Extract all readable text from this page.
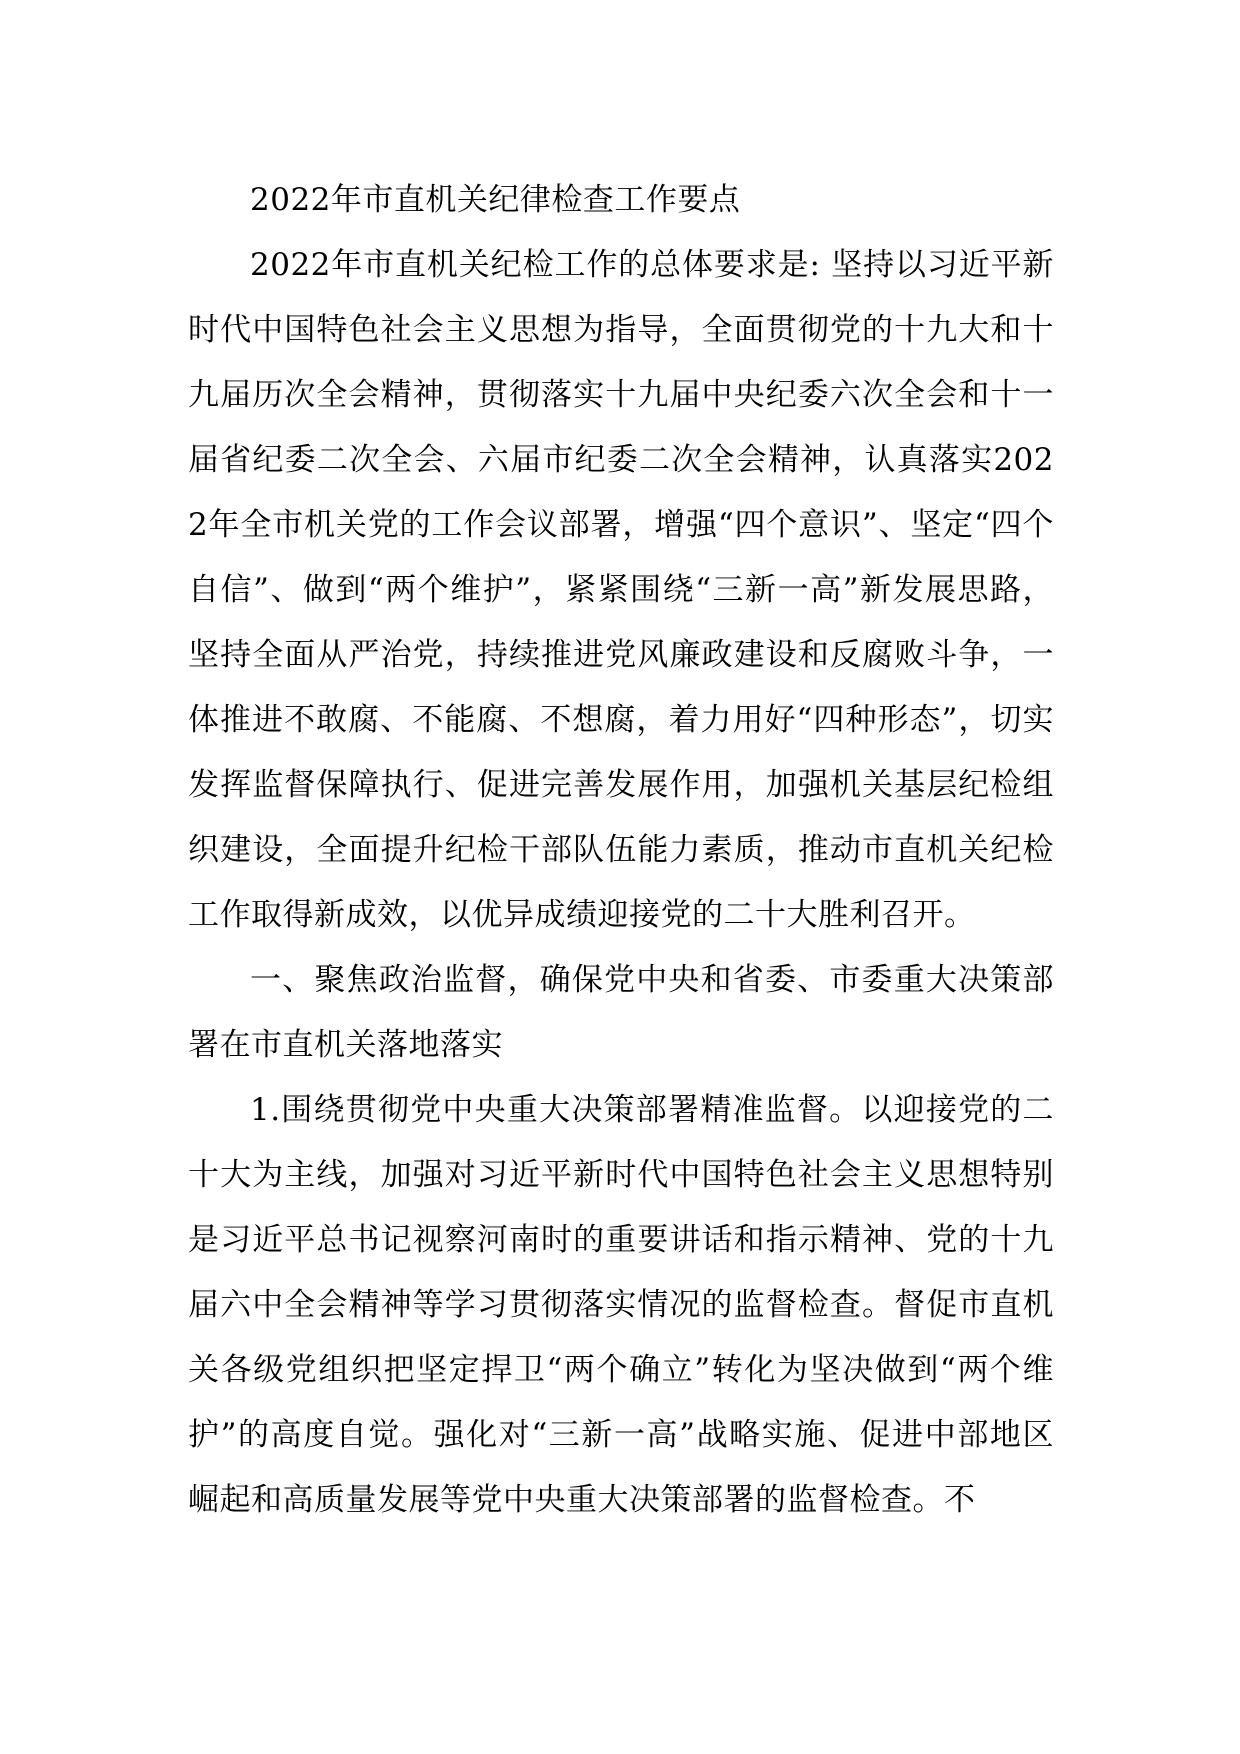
2022年市直机关纪律检查工作要点

2022年市直机关纪检工作的总体要求是: 坚持以习近平新时代中国特色社会主义思想为指导，全面贯彻党的十九大和十九届历次全会精神，贯彻落实十九届中央纪委六次全会和十一届省纪委二次全会、六届市纪委二次全会精神，认真落实2022年全市机关党的工作会议部署，增强“四个意识”、坚定“四个自信”、做到“两个维护”，紧紧围绕“三新一高”新发展思路，坚持全面从严治党，持续推进党风廉政建设和反腐败斗争，一体推进不敢腐、不能腐、不想腐，着力用好“四种形态”，切实发挥监督保障执行、促进完善发展作用，加强机关基层纪检组织建设，全面提升纪检干部队伍能力素质，推动市直机关纪检工作取得新成效，以优异成绩迎接党的二十大胜利召开。

一、聚焦政治监督，确保党中央和省委、市委重大决策部署在市直机关落地落实

1.围绕贯彻党中央重大决策部署精准监督。以迎接党的二十大为主线，加强对习近平新时代中国特色社会主义思想特别是习近平总书记视察河南时的重要讲话和指示精神、党的十九届六中全会精神等学习贯彻落实情况的监督检查。督促市直机关各级党组织把坚定捍卫“两个确立”转化为坚决做到“两个维护”的高度自觉。强化对“三新一高”战略实施、促进中部地区崛起和高质量发展等党中央重大决策部署的监督检查。不
